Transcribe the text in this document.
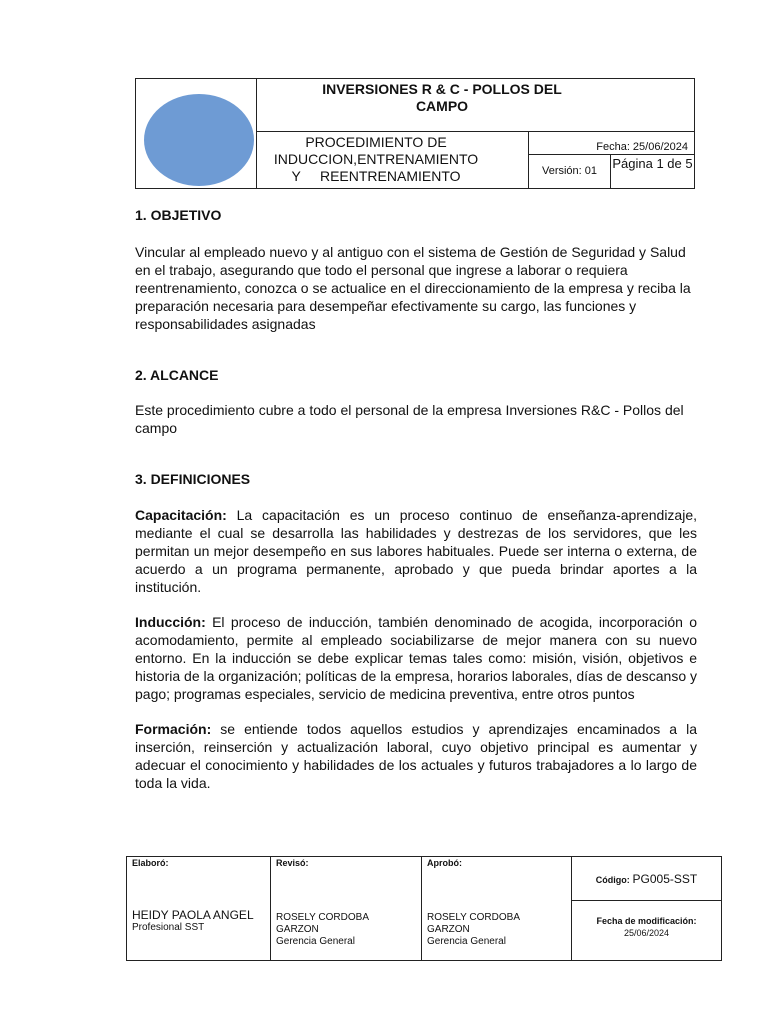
INVERSIONES R & C - POLLOS DEL CAMPO
PROCEDIMIENTO DE
INDUCCION,ENTRENAMIENTO
Y     REENTRENAMIENTO
Fecha: 25/06/2024
Versión: 01	Página 1 de 5
1. OBJETIVO

Vincular al empleado nuevo y al antiguo con el sistema de Gestión de Seguridad y Salud en el trabajo, asegurando que todo el personal que ingrese a laborar o requiera reentrenamiento, conozca o se actualice en el direccionamiento de la empresa y reciba la preparación necesaria para desempeñar efectivamente su cargo, las funciones y responsabilidades asignadas

2. ALCANCE

Este procedimiento cubre a todo el personal de la empresa Inversiones R&C - Pollos del campo

3. DEFINICIONES

Capacitación: La capacitación es un proceso continuo de enseñanza-aprendizaje, mediante el cual se desarrolla las habilidades y destrezas de los servidores, que les permitan un mejor desempeño en sus labores habituales. Puede ser interna o externa, de acuerdo a un programa permanente, aprobado y que pueda brindar aportes a la institución.

Inducción: El proceso de inducción, también denominado de acogida, incorporación o acomodamiento, permite al empleado sociabilizarse de mejor manera con su nuevo entorno. En la inducción se debe explicar temas tales como: misión, visión, objetivos e historia de la organización; políticas de la empresa, horarios laborales, días de descanso y pago; programas especiales, servicio de medicina preventiva, entre otros puntos

Formación: se entiende todos aquellos estudios y aprendizajes encaminados a la inserción, reinserción y actualización laboral, cuyo objetivo principal es aumentar y adecuar el conocimiento y habilidades de los actuales y futuros trabajadores a lo largo de toda la vida.

Elaboró:
HEIDY PAOLA ANGEL
Profesional SST
Revisó:
ROSELY CORDOBA
GARZON
Gerencia General
Aprobó:
ROSELY CORDOBA
GARZON
Gerencia General
Código: PG005-SST
Fecha de modificación:
25/06/2024
